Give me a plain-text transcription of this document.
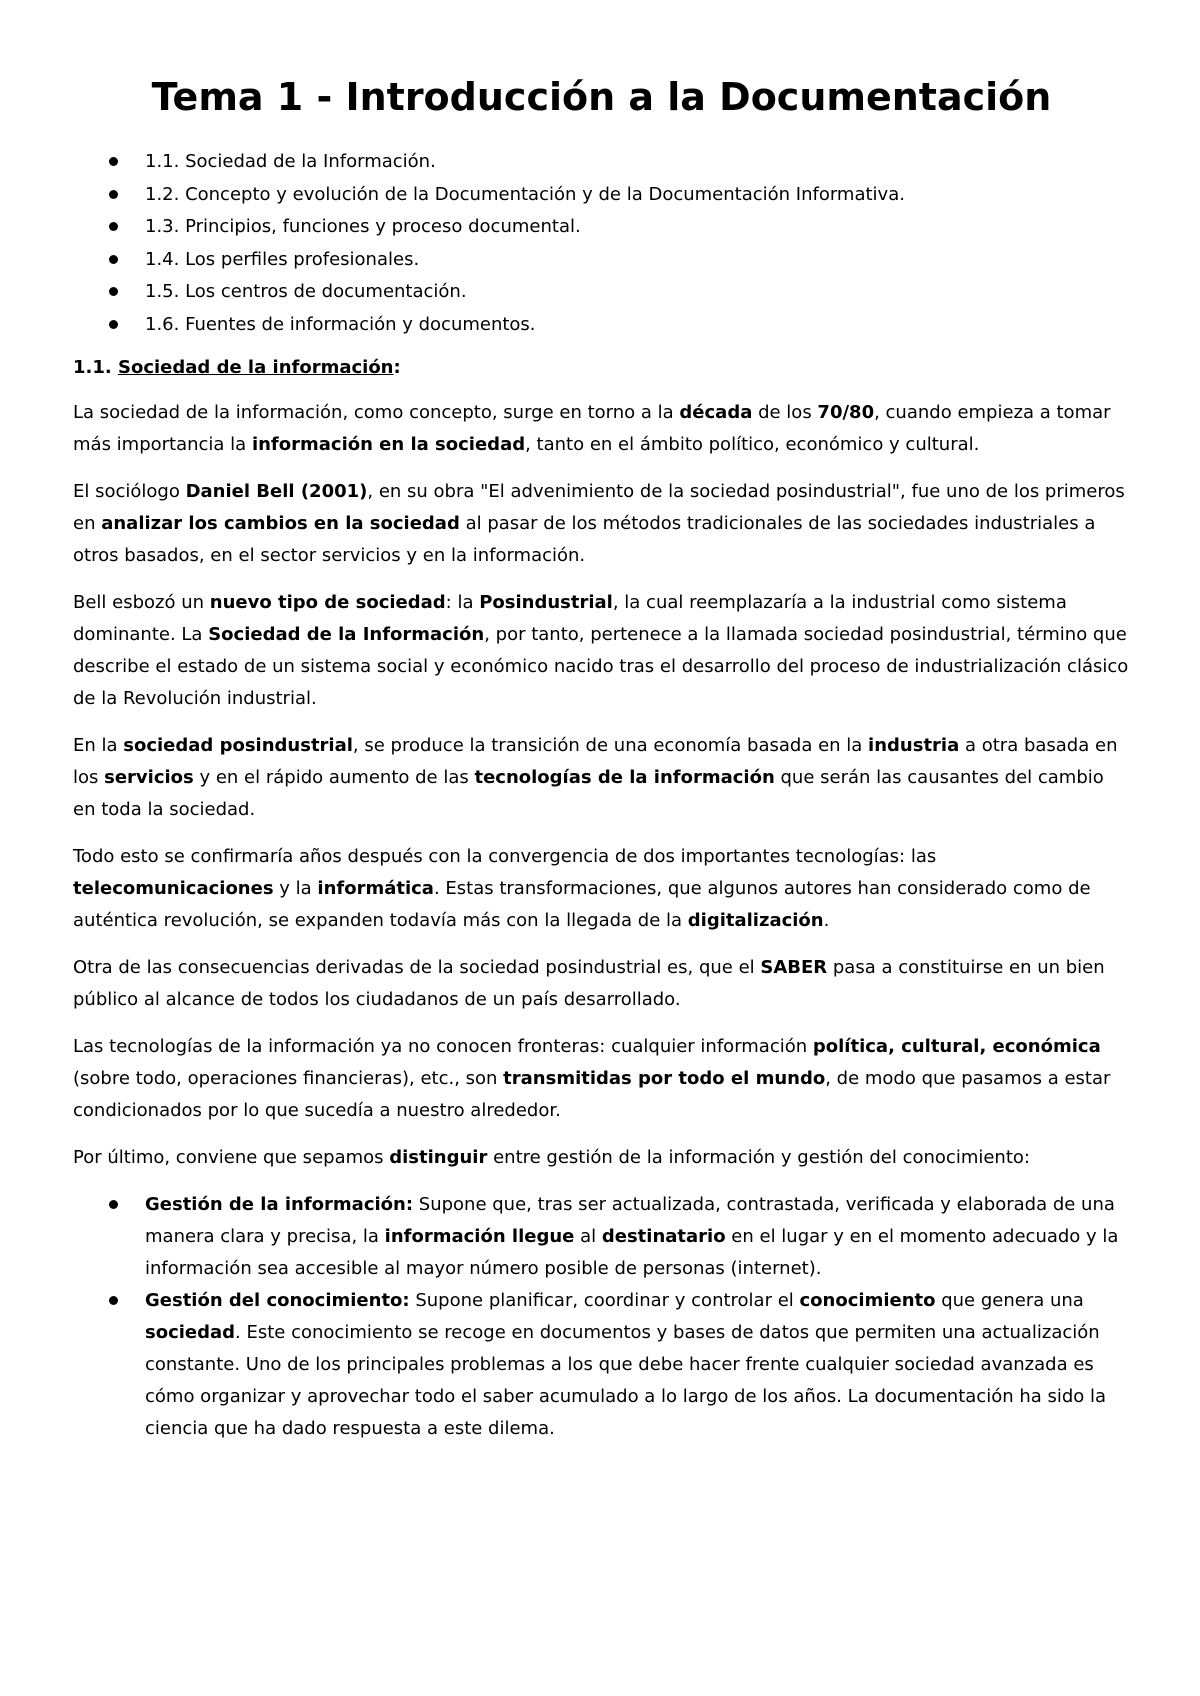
Tema 1 - Introducción a la Documentación
1.1. Sociedad de la Información.
1.2. Concepto y evolución de la Documentación y de la Documentación Informativa.
1.3. Principios, funciones y proceso documental.
1.4. Los perfiles profesionales.
1.5. Los centros de documentación.
1.6. Fuentes de información y documentos.
1.1. Sociedad de la información:

La sociedad de la información, como concepto, surge en torno a la década de los 70/80, cuando empieza a tomar más importancia la información en la sociedad, tanto en el ámbito político, económico y cultural.

El sociólogo Daniel Bell (2001), en su obra "El advenimiento de la sociedad posindustrial", fue uno de los primeros en analizar los cambios en la sociedad al pasar de los métodos tradicionales de las sociedades industriales a otros basados, en el sector servicios y en la información.

Bell esbozó un nuevo tipo de sociedad: la Posindustrial, la cual reemplazaría a la industrial como sistema dominante. La Sociedad de la Información, por tanto, pertenece a la llamada sociedad posindustrial, término que describe el estado de un sistema social y económico nacido tras el desarrollo del proceso de industrialización clásico de la Revolución industrial.

En la sociedad posindustrial, se produce la transición de una economía basada en la industria a otra basada en los servicios y en el rápido aumento de las tecnologías de la información que serán las causantes del cambio en toda la sociedad.

Todo esto se confirmaría años después con la convergencia de dos importantes tecnologías: las telecomunicaciones y la informática. Estas transformaciones, que algunos autores han considerado como de auténtica revolución, se expanden todavía más con la llegada de la digitalización.

Otra de las consecuencias derivadas de la sociedad posindustrial es, que el SABER pasa a constituirse en un bien público al alcance de todos los ciudadanos de un país desarrollado.

Las tecnologías de la información ya no conocen fronteras: cualquier información política, cultural, económica (sobre todo, operaciones financieras), etc., son transmitidas por todo el mundo, de modo que pasamos a estar condicionados por lo que sucedía a nuestro alrededor.

Por último, conviene que sepamos distinguir entre gestión de la información y gestión del conocimiento:

Gestión de la información: Supone que, tras ser actualizada, contrastada, verificada y elaborada de una manera clara y precisa, la información llegue al destinatario en el lugar y en el momento adecuado y la información sea accesible al mayor número posible de personas (internet).
Gestión del conocimiento: Supone planificar, coordinar y controlar el conocimiento que genera una sociedad. Este conocimiento se recoge en documentos y bases de datos que permiten una actualización constante. Uno de los principales problemas a los que debe hacer frente cualquier sociedad avanzada es cómo organizar y aprovechar todo el saber acumulado a lo largo de los años. La documentación ha sido la ciencia que ha dado respuesta a este dilema.
